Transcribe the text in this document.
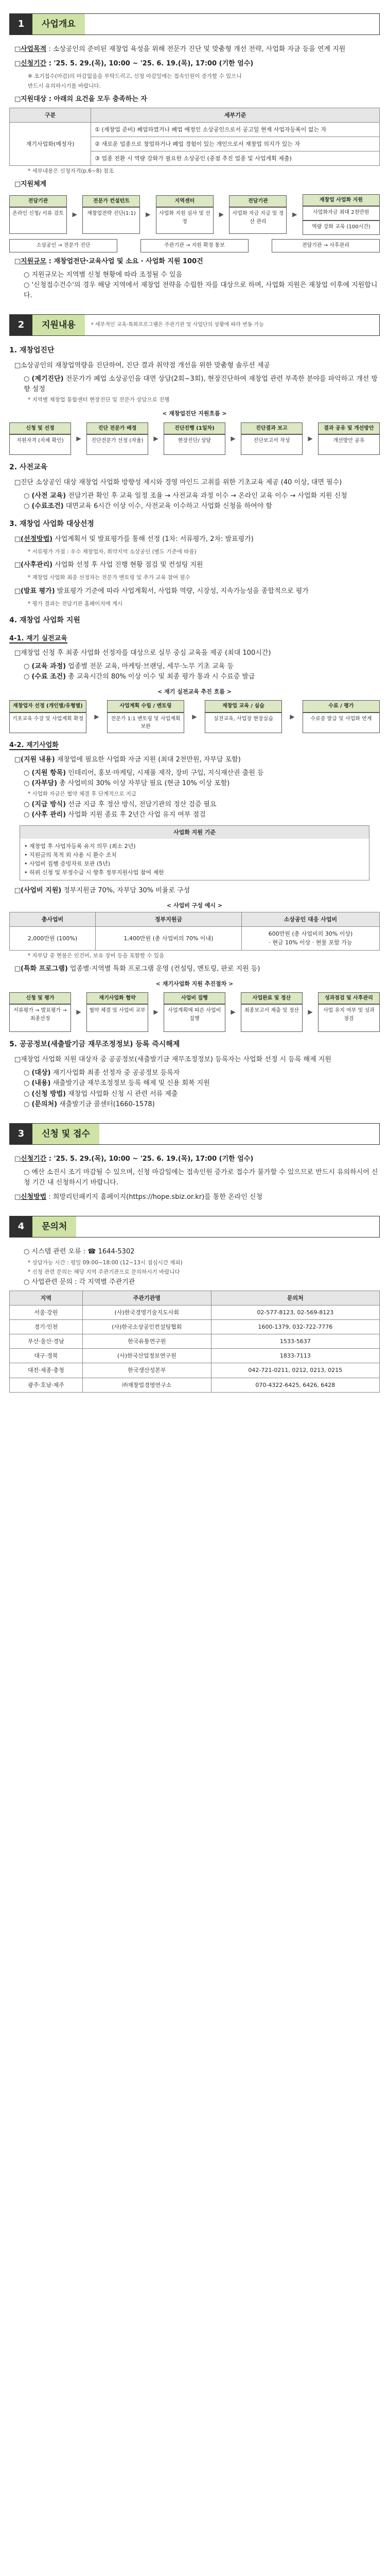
1	사업개요
□사업목적 : 소상공인의 준비된 재창업 육성을 위해 전문가 진단 및 맞춤형 개선 전략, 사업화 자금 등을 연계 지원
□신청기간 : '25. 5. 29.(목), 10:00 ~ '25. 6. 19.(목), 17:00 (기한 엄수)
※ 조기접수(마감)의 마감없음을 부탁드리고, 신청 마감일에는 접속인원이 증가할 수 있으니
반드시 유의하시기를 바랍니다.
□지원대상 : 아래의 요건을 모두 충족하는 자
구분	세부기준
재기사업화(예정자)	① (재창업 준비) 폐업하였거나 폐업 예정인 소상공인으로서 공고일 현재 사업자등록이 없는 자
	② 새로운 업종으로 창업하거나 폐업 경험이 있는 개인으로서 재창업 의지가 있는 자
	③ 업종 전환 시 역량 강화가 필요한 소상공인 (중점 추진 업종 및 사업계획 제출)
* 세부내용은 신청자격(p.6~8) 참조
□지원체계
전담기관
온라인 신청/ 서류 검토	▶
전문가 컨설턴트
재창업전략 진단(1:1)	▶
지역센터
사업화 지원 심사 및 선정
▶
전담기관
사업화 자금 지급 및 정산 관리
▶
재창업 사업화 지원
사업화자금 최대 2천만원
역량 강화 교육 (100시간)
소상공인 → 전문가 진단	주관기관 → 지원 확정 통보	전담기관 → 사후관리
□지원규모 : 재창업전단·교육사업 및 소요 · 사업화 지원 100건
○ 지원규모는 지역별 신청 현황에 따라 조정될 수 있음
○ '신청접수건수'의 경우 해당 지역에서 재창업 전략을 수립한 자를 대상으로 하며, 사업화 지원은 재창업 이후에 지원합니다.
2	지원내용	* 세부적인 교육·특화프로그램은 주관기관 및 사업단의 상황에 따라 변동 가능
1. 재창업진단
□소상공인의 재창업역량을 진단하여, 진단 결과 취약점 개선을 위한 맞춤형 솔루션 제공
○ (제기진단) 전문가가 폐업 소상공인을 대면 상담(2회~3회), 현장진단하여 재창업 관련 부족한 분야를 파악하고 개선 방향 설정
* 지역별 재창업 통합센터 현장진단 및 전문가 상담으로 진행
< 재창업진단 지원흐름 >
신청 및 선정
지원자격 (자체 확인)	▶
진단 전문가 배정
진단전문가 선정 (자율)	▶
진단진행 (1일차)
현장진단/ 상담	▶
진단결과 보고
진단보고서 작성	▶
결과 공유 및 개선방안
개선방안 공유
2. 사전교육
□진단 소상공인 대상 재창업 사업화 방향성 제시와 경영 마인드 고취를 위한 기초교육 제공 (40 이상, 대면 필수)
○ (사전 교육) 전담기관 확인 후 교육 일정 조율 → 사전교육 과정 이수 → 온라인 교육 이수 → 사업화 지원 신청
○ (수료조건) 대면교육 6시간 이상 이수, 사전교육 이수하고 사업화 신청을 하여야 함
3. 재창업 사업화 대상선정
□(선정방법) 사업계획서 및 발표평가를 통해 선정 (1차: 서류평가, 2차: 발표평가)
* 서류평가 가점 : 우수 재창업자, 취약지역 소상공인 (별도 기준에 따름)
□(사후관리) 사업화 선정 후 사업 진행 현황 점검 및 컨설팅 지원
* 재창업 사업화 최종 선정자는 전문가 멘토링 및 추가 교육 참여 필수
□(발표 평가) 발표평가 기준에 따라 사업계획서, 사업화 역량, 시장성, 지속가능성을 종합적으로 평가
* 평가 결과는 전담기관 홈페이지에 게시
4. 재창업 사업화 지원
4-1. 재기 실전교육
□재창업 신청 후 최종 사업화 선정자를 대상으로 실무 중심 교육을 제공 (최대 100시간)
○ (교육 과정) 업종별 전문 교육, 마케팅·브랜딩, 세무·노무 기초 교육 등
○ (수료 조건) 총 교육시간의 80% 이상 이수 및 최종 평가 통과 시 수료증 발급
< 재기 실전교육 추진 흐름 >
재창업자 선정 (개인별/유형별)
기초교육 수강 및 사업계획 확정	▶
사업계획 수립 / 멘토링
전문가 1:1 멘토링 및 사업계획 보완
▶
재창업 교육 / 실습
실전교육, 사업장 현장실습	▶
수료 / 평가
수료증 발급 및 사업화 연계
4-2. 재기사업화
□(지원 내용) 재창업에 필요한 사업화 자금 지원 (최대 2천만원, 자부담 포함)
○ (지원 항목) 인테리어, 홍보·마케팅, 시제품 제작, 장비 구입, 지식재산권 출원 등
○ (자부담) 총 사업비의 30% 이상 자부담 필요 (현금 10% 이상 포함)
* 사업화 자금은 협약 체결 후 단계적으로 지급
○ (지급 방식) 선금 지급 후 정산 방식, 전담기관의 정산 검증 필요
○ (사후 관리) 사업화 지원 종료 후 2년간 사업 유지 여부 점검
사업화 지원 기준
• 재창업 후 사업자등록 유지 의무 (최소 2년)
• 지원금의 목적 외 사용 시 환수 조치
• 사업비 집행 증빙자료 보관 (5년)
• 허위 신청 및 부정수급 시 향후 정부지원사업 참여 제한
□(사업비 지원) 정부지원금 70%, 자부담 30% 비율로 구성
< 사업비 구성 예시 >
총사업비	정부지원금	소상공인 대응 사업비
2,000만원 (100%)	1,400만원 (총 사업비의 70% 이내)	600만원 (총 사업비의 30% 이상)
· 현금 10% 이상 · 현물 포함 가능
* 자부담 중 현물은 인건비, 보유 장비 등을 포함할 수 있음
□(특화 프로그램) 업종별·지역별 특화 프로그램 운영 (컨설팅, 멘토링, 판로 지원 등)
< 재기사업화 지원 추진절차 >
신청 및 평가
서류평가 → 발표평가 → 최종선정
▶
재기사업화 협약
협약 체결 및 사업비 교부	▶
사업비 집행
사업계획에 따른 사업비 집행
▶
사업완료 및 정산
최종보고서 제출 및 정산	▶
성과점검 및 사후관리
사업 유지 여부 및 성과 점검
5. 공공정보(새출발기금 재무조정정보) 등록 즉시해제
□재창업 사업화 지원 대상자 중 공공정보(새출발기금 재무조정정보) 등록자는 사업화 선정 시 등록 해제 지원
○ (대상) 재기사업화 최종 선정자 중 공공정보 등록자
○ (내용) 새출발기금 재무조정정보 등록 해제 및 신용 회복 지원
○ (신청 방법) 재창업 사업화 신청 시 관련 서류 제출
○ (문의처) 새출발기금 콜센터(1660-1578)
3	신청 및 접수
□신청기간 : '25. 5. 29.(목), 10:00 ~ '25. 6. 19.(목), 17:00 (기한 엄수)
○ 예산 소진시 조기 마감될 수 있으며, 신청 마감일에는 접속인원 증가로 접수가 불가할 수 있으므로 반드시 유의하시어 신청 기간 내 신청하시기 바랍니다.
□신청방법 : 희망리턴패키지 홈페이지(https://hope.sbiz.or.kr)를 통한 온라인 신청
4	문의처
○ 시스템 관련 오류 : ☎ 1644-5302
* 상담가능 시간 : 평일 09:00~18:00 (12~13시 점심시간 제외)
* 신청 관련 문의는 해당 지역 주관기관으로 문의하시기 바랍니다
○ 사업관련 문의 : 각 지역별 주관기관
지역	주관기관명	문의처
서울·강원	(사)한국경영기술지도사회	02-577-8123, 02-569-8123
경기·인천	(사)한국소상공인컨설팅협회	1600-1379, 032-722-7776
부산·울산·경남	한국유통연구원	1533-5637
대구·경북	(사)한국산업정보연구원	1833-7113
대전·세종·충청	한국생산성본부	042-721-0211, 0212, 0213, 0215
광주·호남·제주	㈜재창업경영연구소	070-4322-6425, 6426, 6428
